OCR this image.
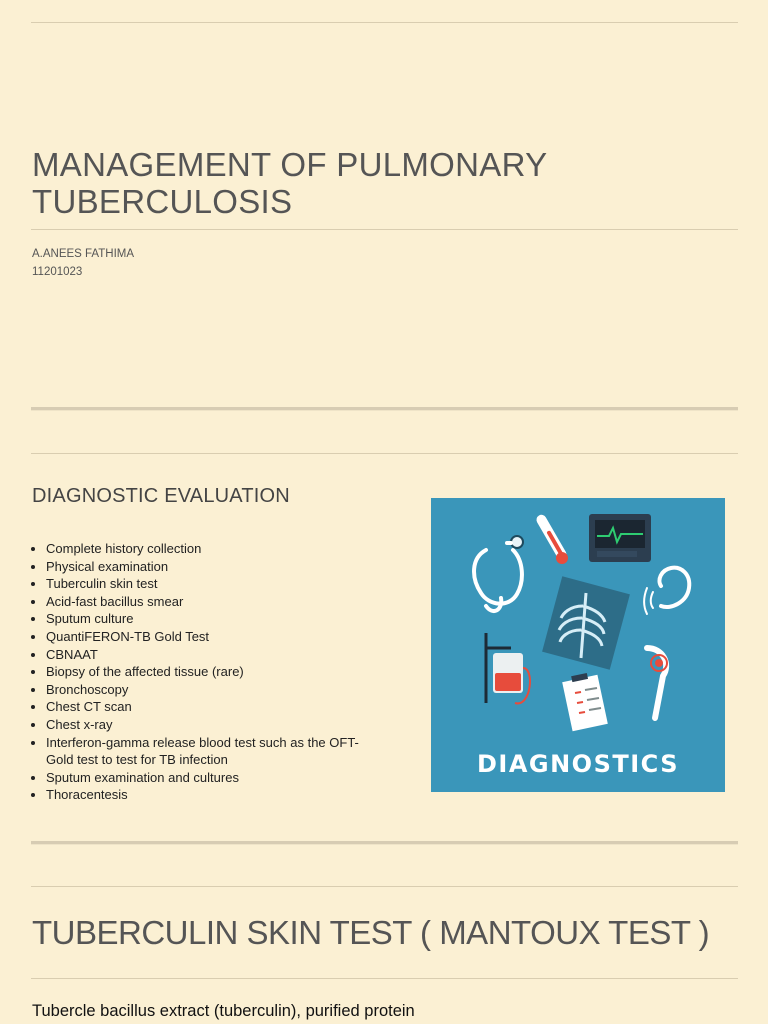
MANAGEMENT OF PULMONARY TUBERCULOSIS
A.ANEES FATHIMA
11201023
DIAGNOSTIC EVALUATION
• Complete history collection
• Physical examination
• Tuberculin skin test
• Acid-fast bacillus smear
• Sputum culture
• QuantiFERON-TB Gold Test
• CBNAAT
• Biopsy of the affected tissue (rare)
• Bronchoscopy
• Chest CT scan
• Chest x-ray
• Interferon-gamma release blood test such as the OFT-Gold test to test for TB infection
• Sputum examination and cultures
• Thoracentesis
DIAGNOSTICS
TUBERCULIN SKIN TEST ( MANTOUX TEST )
Tubercle bacillus extract (tuberculin), purified protein
